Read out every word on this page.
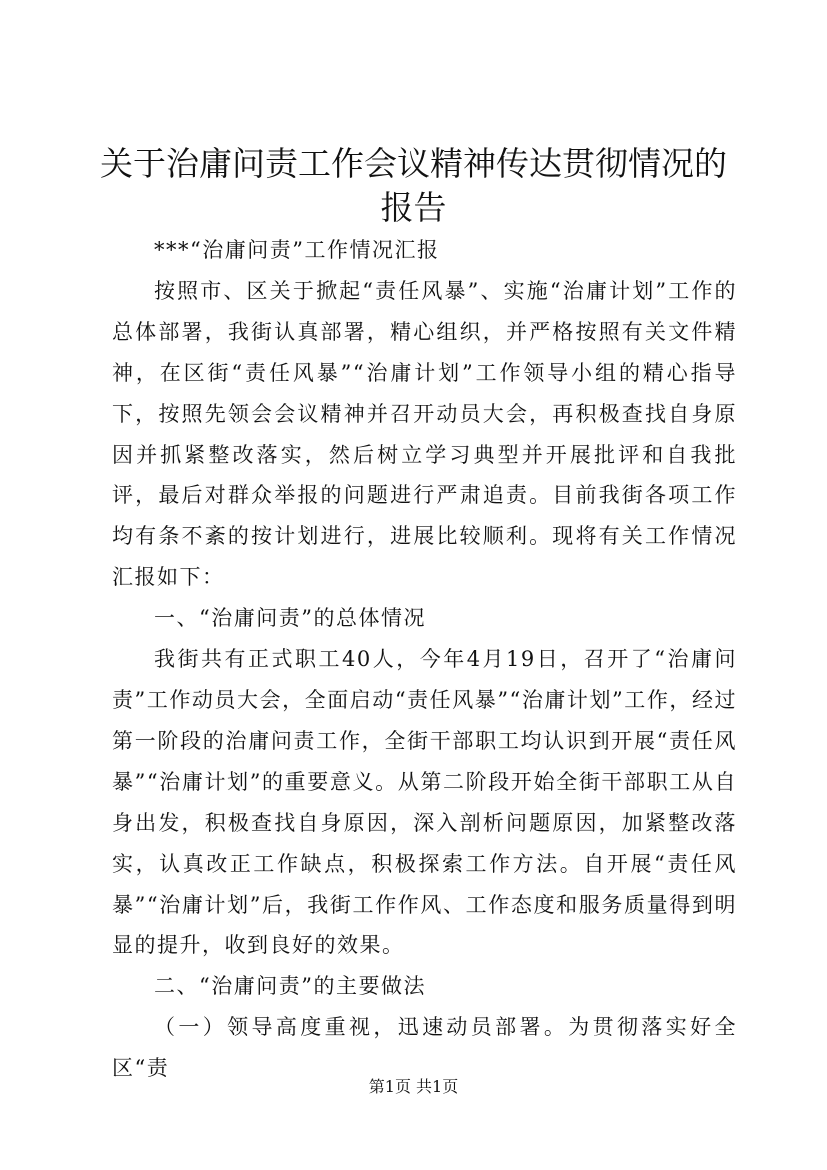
关于治庸问责工作会议精神传达贯彻情况的报告

***“治庸问责”工作情况汇报

按照市、区关于掀起“责任风暴”、实施“治庸计划”工作的总体部署，我街认真部署，精心组织，并严格按照有关文件精神，在区街“责任风暴”“治庸计划”工作领导小组的精心指导下，按照先领会会议精神并召开动员大会，再积极查找自身原因并抓紧整改落实，然后树立学习典型并开展批评和自我批评，最后对群众举报的问题进行严肃追责。目前我街各项工作均有条不紊的按计划进行，进展比较顺利。现将有关工作情况汇报如下：

一、“治庸问责”的总体情况

我街共有正式职工40人，今年4月19日，召开了“治庸问责”工作动员大会，全面启动“责任风暴”“治庸计划”工作，经过第一阶段的治庸问责工作，全街干部职工均认识到开展“责任风暴”“治庸计划”的重要意义。从第二阶段开始全街干部职工从自身出发，积极查找自身原因，深入剖析问题原因，加紧整改落实，认真改正工作缺点，积极探索工作方法。自开展“责任风暴”“治庸计划”后，我街工作作风、工作态度和服务质量得到明显的提升，收到良好的效果。

二、“治庸问责”的主要做法

（一）领导高度重视，迅速动员部署。为贯彻落实好全区“责

第1页 共1页
